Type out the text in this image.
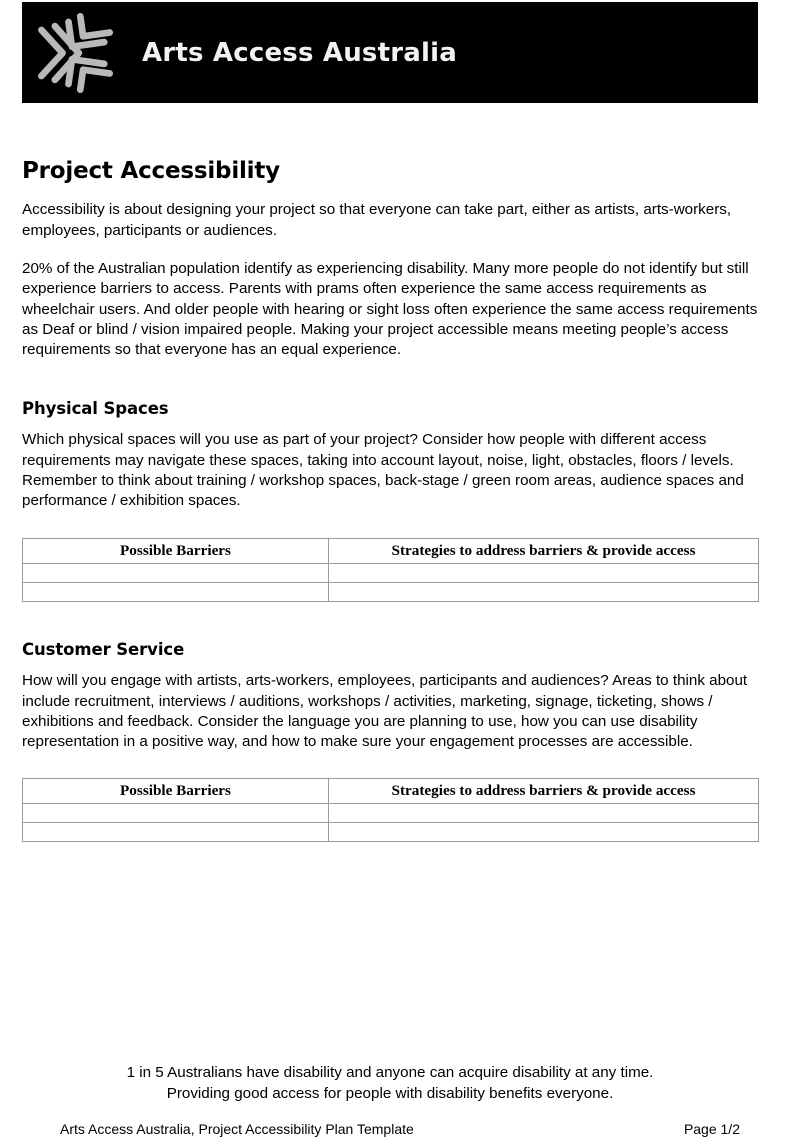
Arts Access Australia
Project Accessibility

Accessibility is about designing your project so that everyone can take part, either as artists, arts-workers, employees, participants or audiences.

20% of the Australian population identify as experiencing disability. Many more people do not identify but still experience barriers to access. Parents with prams often experience the same access requirements as wheelchair users. And older people with hearing or sight loss often experience the same access requirements as Deaf or blind / vision impaired people. Making your project accessible means meeting people’s access requirements so that everyone has an equal experience.

Physical Spaces

Which physical spaces will you use as part of your project? Consider how people with different access requirements may navigate these spaces, taking into account layout, noise, light, obstacles, floors / levels. Remember to think about training / workshop spaces, back-stage / green room areas, audience spaces and performance / exhibition spaces.

Possible Barriers	Strategies to address barriers & provide access

Customer Service

How will you engage with artists, arts-workers, employees, participants and audiences? Areas to think about include recruitment, interviews / auditions, workshops / activities, marketing, signage, ticketing, shows / exhibitions and feedback. Consider the language you are planning to use, how you can use disability representation in a positive way, and how to make sure your engagement processes are accessible.

Possible Barriers	Strategies to address barriers & provide access

1 in 5 Australians have disability and anyone can acquire disability at any time.

Providing good access for people with disability benefits everyone.

Arts Access Australia, Project Accessibility Plan Template	Page 1/2
